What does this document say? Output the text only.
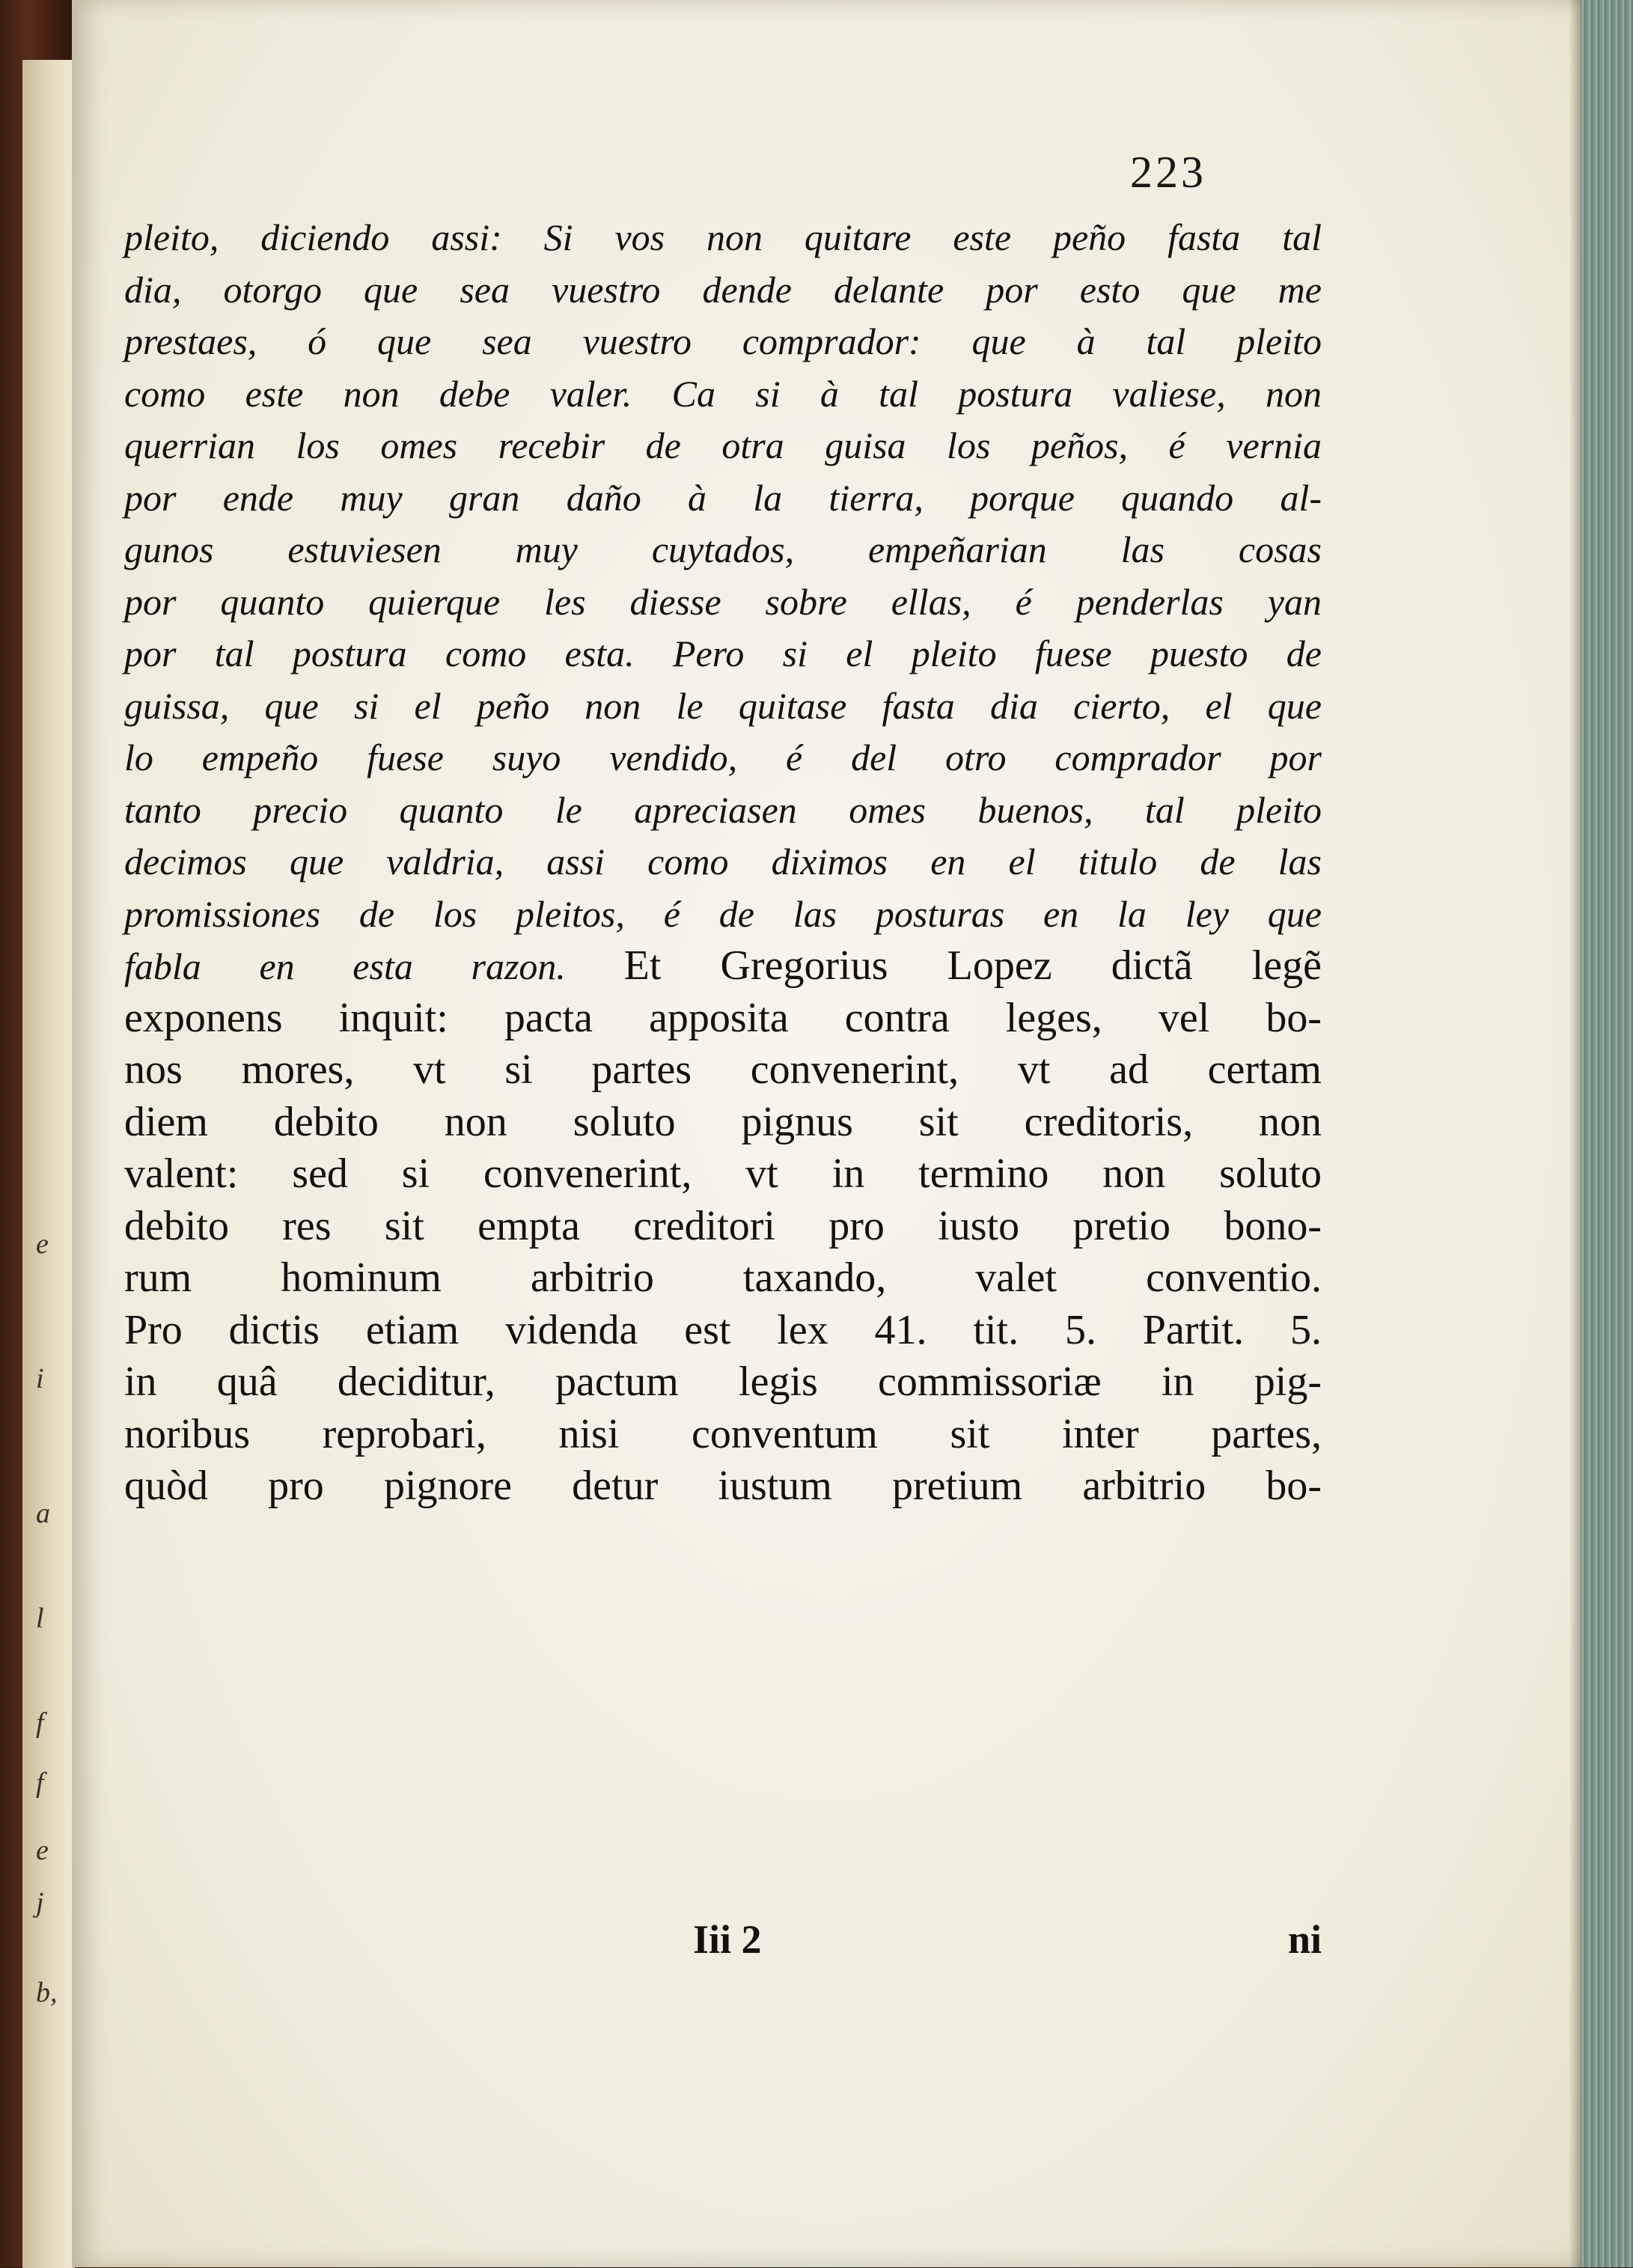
e
i
a
l
f
f
e
j
b,
223
pleito, diciendo assi: Si vos non quitare este peño fasta tal
dia, otorgo que sea vuestro dende delante por esto que me
prestaes, ó que sea vuestro comprador: que à tal pleito
como este non debe valer. Ca si à tal postura valiese, non
querrian los omes recebir de otra guisa los peños, é vernia
por ende muy gran daño à la tierra, porque quando al-
gunos estuviesen muy cuytados, empeñarian las cosas
por quanto quierque les diesse sobre ellas, é penderlas yan
por tal postura como esta. Pero si el pleito fuese puesto de
guissa, que si el peño non le quitase fasta dia cierto, el que
lo empeño fuese suyo vendido, é del otro comprador por
tanto precio quanto le apreciasen omes buenos, tal pleito
decimos que valdria, assi como diximos en el titulo de las
promissiones de los pleitos, é de las posturas en la ley que
fabla en esta razon. Et Gregorius Lopez dictã legẽ
exponens inquit: pacta apposita contra leges, vel bo-
nos mores, vt si partes convenerint, vt ad certam
diem debito non soluto pignus sit creditoris, non
valent: sed si convenerint, vt in termino non soluto
debito res sit empta creditori pro iusto pretio bono-
rum hominum arbitrio taxando, valet conventio.
Pro dictis etiam videnda est lex 41. tit. 5. Partit. 5.
in quâ deciditur, pactum legis commissoriæ in pig-
noribus reprobari, nisi conventum sit inter partes,
quòd pro pignore detur iustum pretium arbitrio bo-
Iii 2	ni
